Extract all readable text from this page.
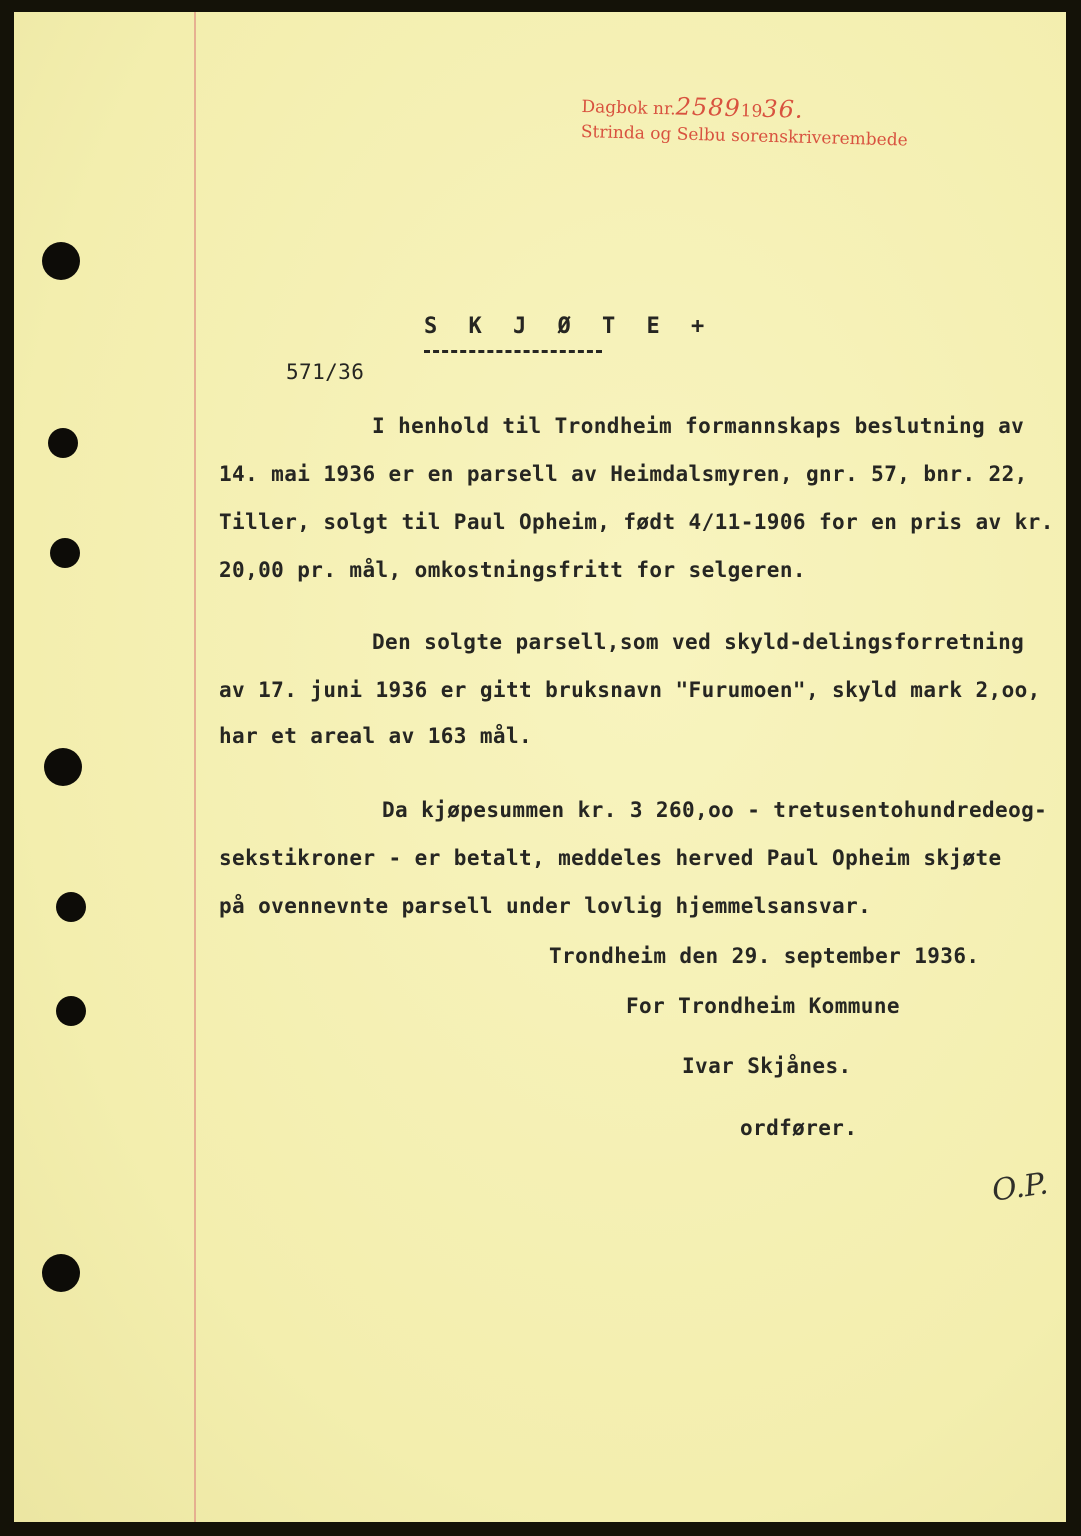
Dagbok nr.25891936.
Strinda og Selbu sorenskriverembede
S K J Ø T E +
571/36
I henhold til Trondheim formannskaps beslutning av
14. mai 1936 er en parsell av Heimdalsmyren, gnr. 57, bnr. 22,
Tiller, solgt til Paul Opheim, født 4/11-1906 for en pris av kr.
20,00 pr. mål, omkostningsfritt for selgeren.
Den solgte parsell,som ved skyld-delingsforretning
av 17. juni 1936 er gitt bruksnavn "Furumoen", skyld mark 2,oo,
har et areal av 163 mål.
Da kjøpesummen kr. 3 260,oo - tretusentohundredeog-
sekstikroner - er betalt, meddeles herved Paul Opheim skjøte
på ovennevnte parsell under lovlig hjemmelsansvar.
Trondheim den 29. september 1936.
For Trondheim Kommune
Ivar Skjånes.
ordfører.
O.P.
